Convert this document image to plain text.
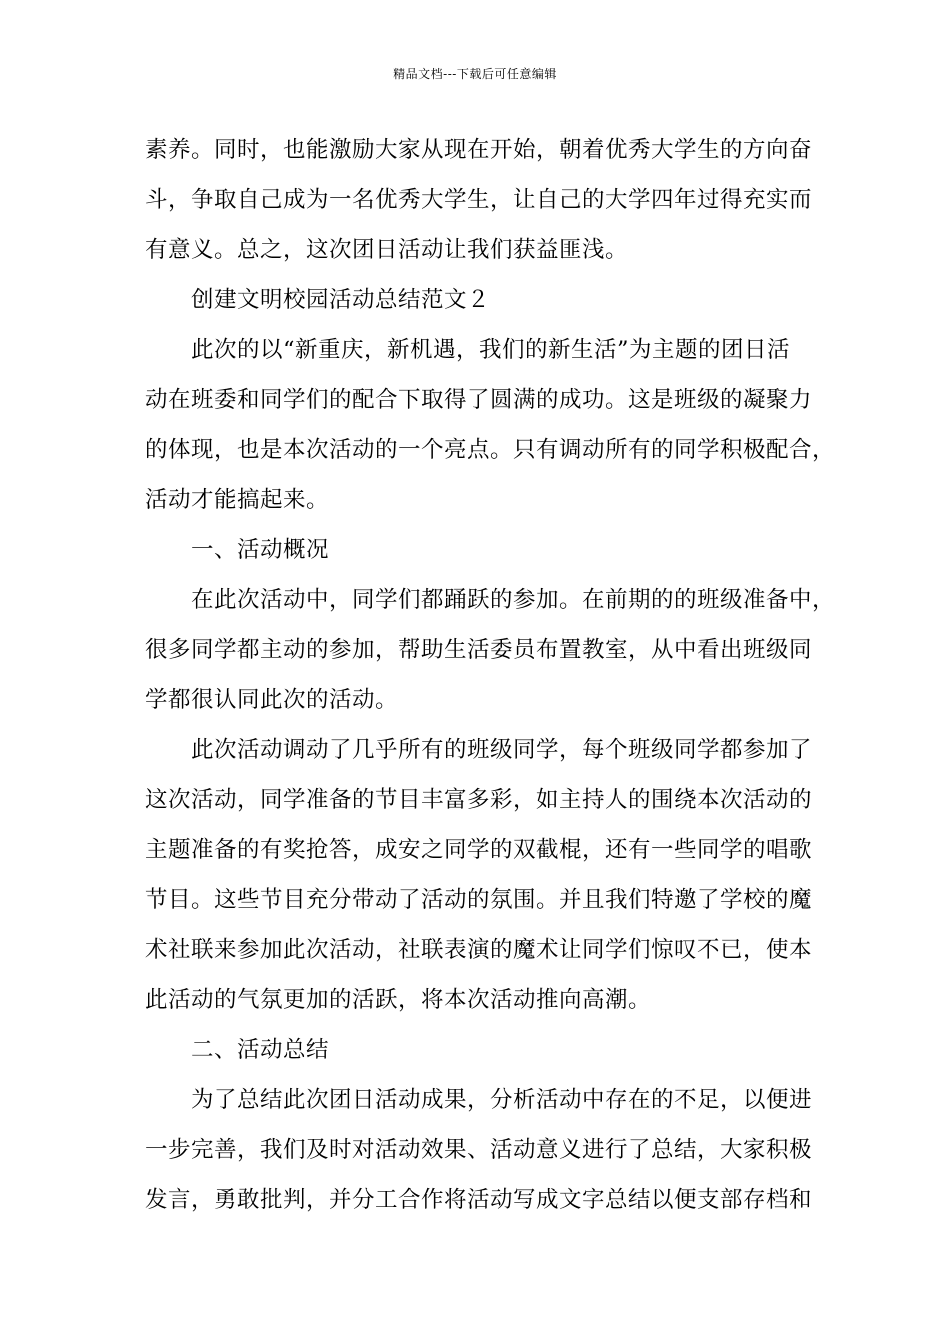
精品文档---下载后可任意编辑
素养。同时，也能激励大家从现在开始，朝着优秀大学生的方向奋
斗，争取自己成为一名优秀大学生，让自己的大学四年过得充实而
有意义。总之，这次团日活动让我们获益匪浅。
创建文明校园活动总结范文２
此次的以“新重庆，新机遇，我们的新生活”为主题的团日活
动在班委和同学们的配合下取得了圆满的成功。这是班级的凝聚力
的体现，也是本次活动的一个亮点。只有调动所有的同学积极配合，
活动才能搞起来。
一、活动概况
在此次活动中，同学们都踊跃的参加。在前期的的班级准备中，
很多同学都主动的参加，帮助生活委员布置教室，从中看出班级同
学都很认同此次的活动。
此次活动调动了几乎所有的班级同学，每个班级同学都参加了
这次活动，同学准备的节目丰富多彩，如主持人的围绕本次活动的
主题准备的有奖抢答，成安之同学的双截棍，还有一些同学的唱歌
节目。这些节目充分带动了活动的氛围。并且我们特邀了学校的魔
术社联来参加此次活动，社联表演的魔术让同学们惊叹不已，使本
此活动的气氛更加的活跃，将本次活动推向高潮。
二、活动总结
为了总结此次团日活动成果，分析活动中存在的不足，以便进
一步完善，我们及时对活动效果、活动意义进行了总结，大家积极
发言，勇敢批判，并分工合作将活动写成文字总结以便支部存档和
